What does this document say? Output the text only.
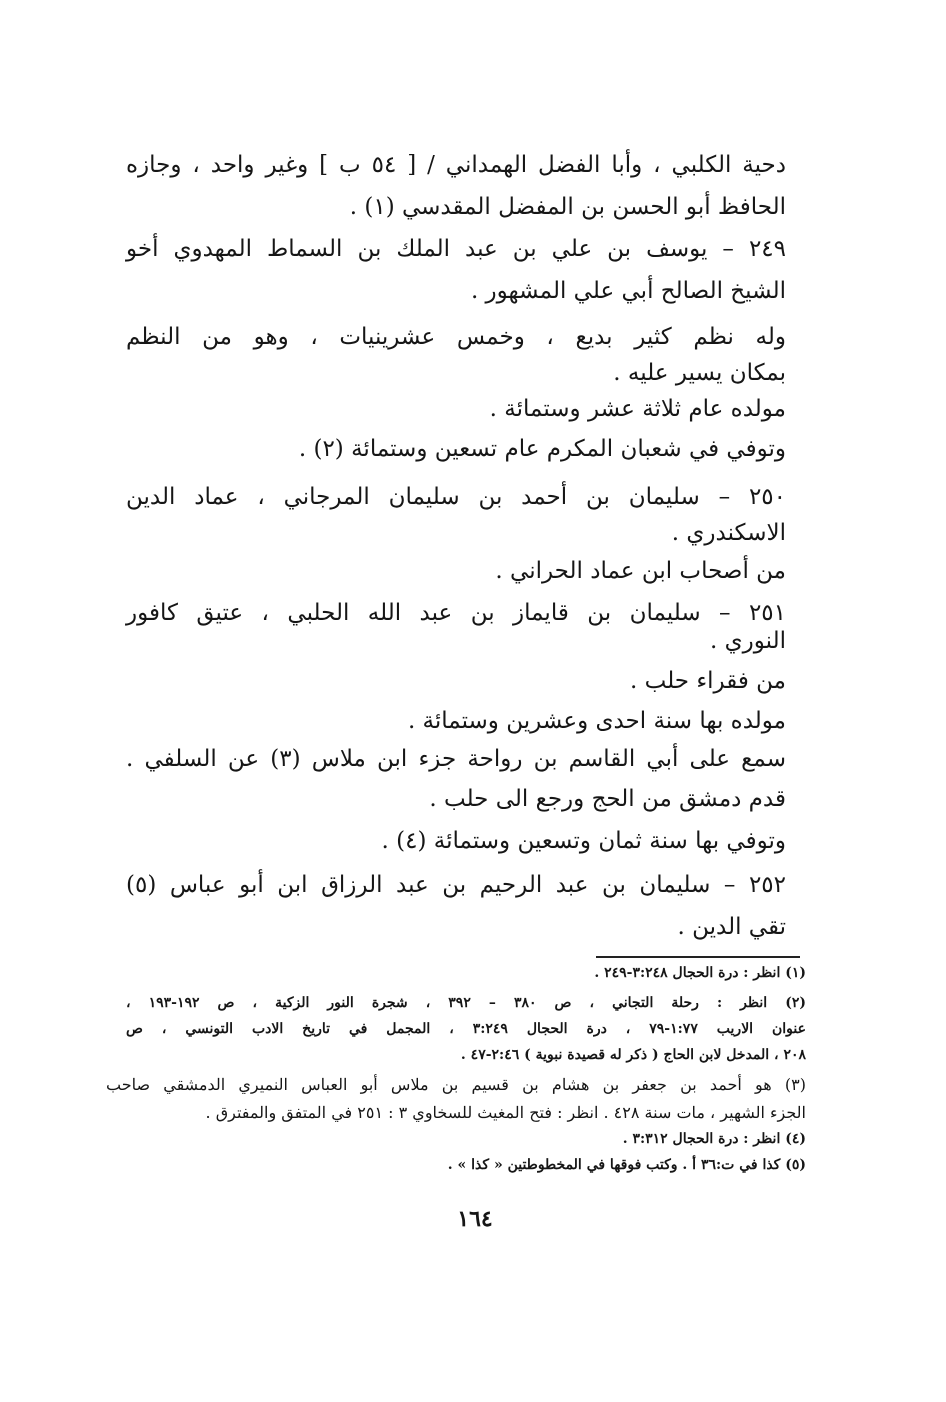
دحية الكلبي ، وأبا الفضل الهمداني / [ ٥٤ ب ] وغير واحد ، وجازه
الحافظ أبو الحسن بن المفضل المقدسي (١) .
٢٤٩ – يوسف بن علي بن عبد الملك بن السماط المهدوي أخو
الشيخ الصالح أبي علي المشهور .
وله نظم كثير بديع ، وخمس عشرينيات ، وهو من النظم
بمكان يسير عليه .
مولده عام ثلاثة عشر وستمائة .
وتوفي في شعبان المكرم عام تسعين وستمائة (٢) .
٢٥٠ – سليمان بن أحمد بن سليمان المرجاني ، عماد الدين
الاسكندري .
من أصحاب ابن عماد الحراني .
٢٥١ – سليمان بن قايماز بن عبد الله الحلبي ، عتيق كافور
النوري .
من فقراء حلب .
مولده بها سنة احدى وعشرين وستمائة .
سمع على أبي القاسم بن رواحة جزء ابن ملاس (٣) عن السلفي .
قدم دمشق من الحج ورجع الى حلب .
وتوفي بها سنة ثمان وتسعين وستمائة (٤) .
٢٥٢ – سليمان بن عبد الرحيم بن عبد الرزاق ابن أبو عباس (٥)
تقي الدين .
(١) انظر : درة الحجال ٣:٢٤٨-٢٤٩ .
(٢) انظر : رحلة التجاني ، ص ٣٨٠ – ٣٩٢ ، شجرة النور الزكية ، ص ١٩٢-١٩٣ ،
عنوان الاريب ١:٧٧-٧٩ ، درة الحجال ٣:٢٤٩ ، المجمل في تاريخ الادب التونسي ، ص
٢٠٨ ، المدخل لابن الحاج ( ذكر له قصيدة نبوية ) ٢:٤٦-٤٧ .
(٣) هو أحمد بن جعفر بن هشام بن قسيم بن ملاس أبو العباس النميري الدمشقي صاحب
الجزء الشهير ، مات سنة ٤٢٨ . انظر : فتح المغيث للسخاوي ٣ : ٢٥١ في المتفق والمفترق .
(٤) انظر : درة الحجال ٣:٣١٢ .
(٥) كذا في ت:٣٦ أ . وكتب فوقها في المخطوطتين « كذا » .
١٦٤
